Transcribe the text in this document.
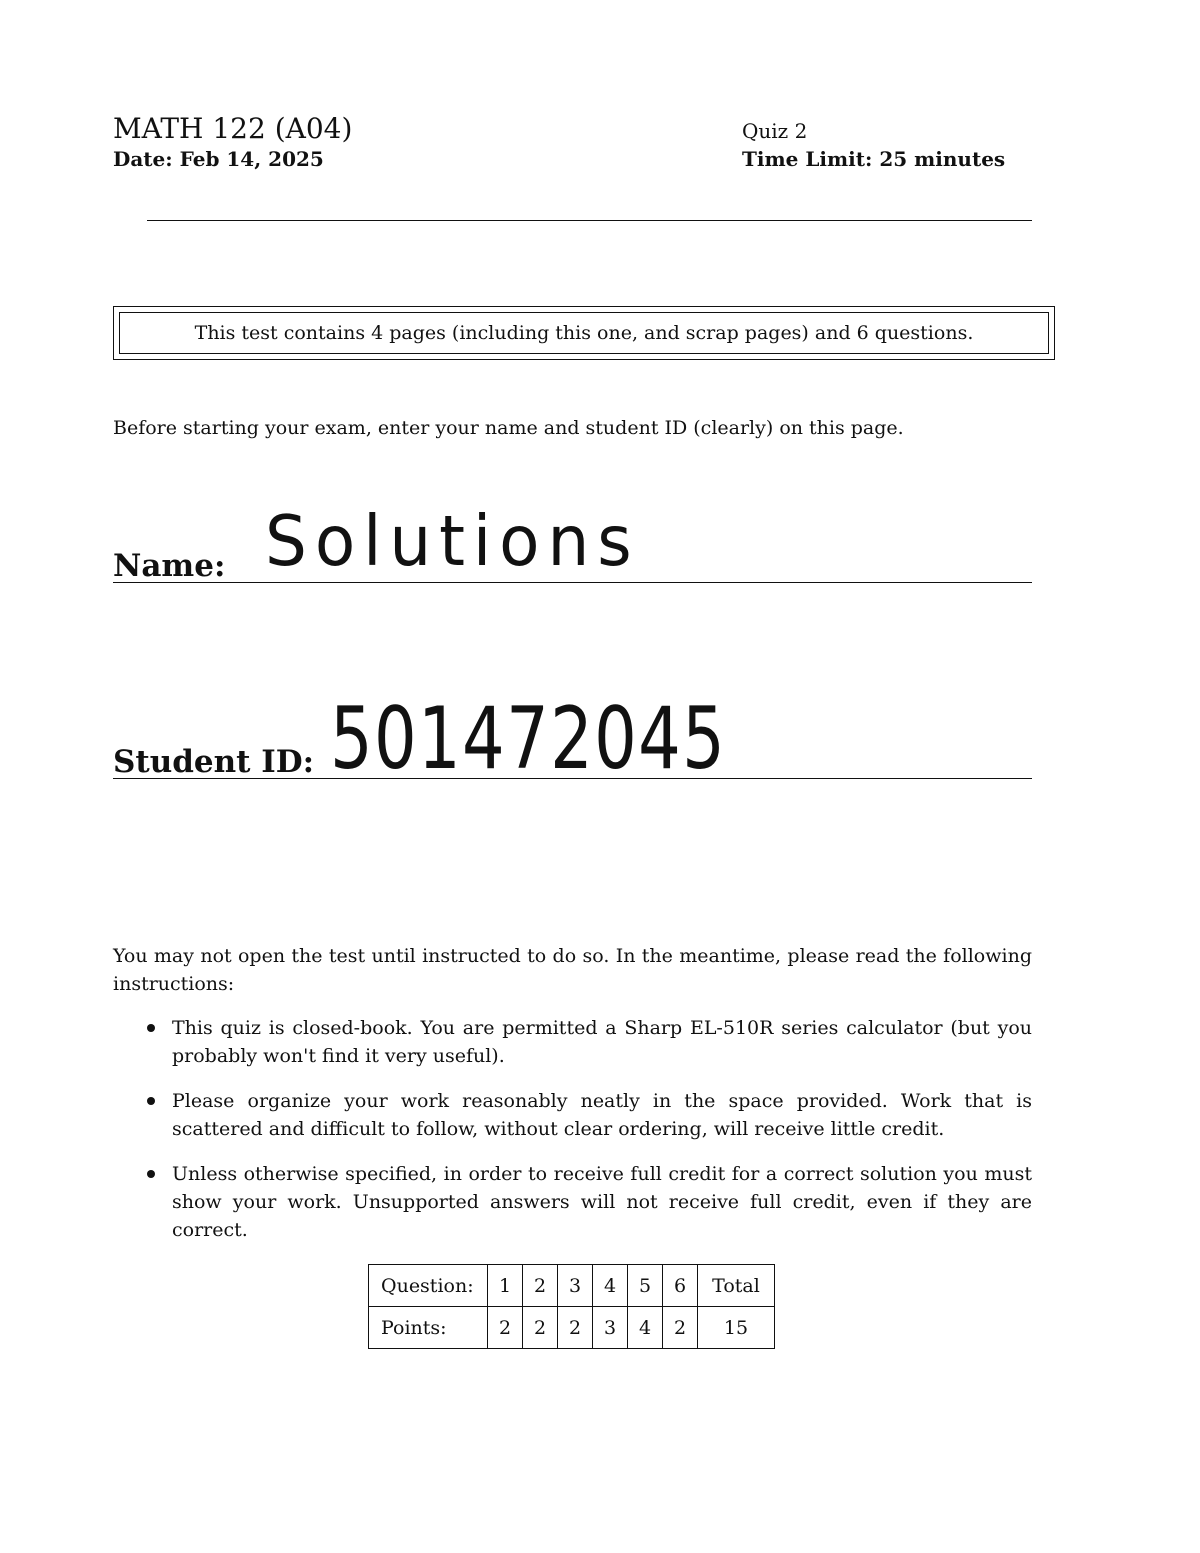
MATH 122 (A04)
Date: Feb 14, 2025
Quiz 2
Time Limit: 25 minutes
This test contains 4 pages (including this one, and scrap pages) and 6 questions.
Before starting your exam, enter your name and student ID (clearly) on this page.
Name: Solutions
Student ID: 501472045
You may not open the test until instructed to do so. In the meantime, please read the following instructions:
This quiz is closed-book. You are permitted a Sharp EL-510R series calculator (but you probably won't find it very useful).
Please organize your work reasonably neatly in the space provided. Work that is scattered and difficult to follow, without clear ordering, will receive little credit.
Unless otherwise specified, in order to receive full credit for a correct solution you must show your work. Unsupported answers will not receive full credit, even if they are correct.
Question:	1	2	3	4	5	6	Total
Points:	2	2	2	3	4	2	15
